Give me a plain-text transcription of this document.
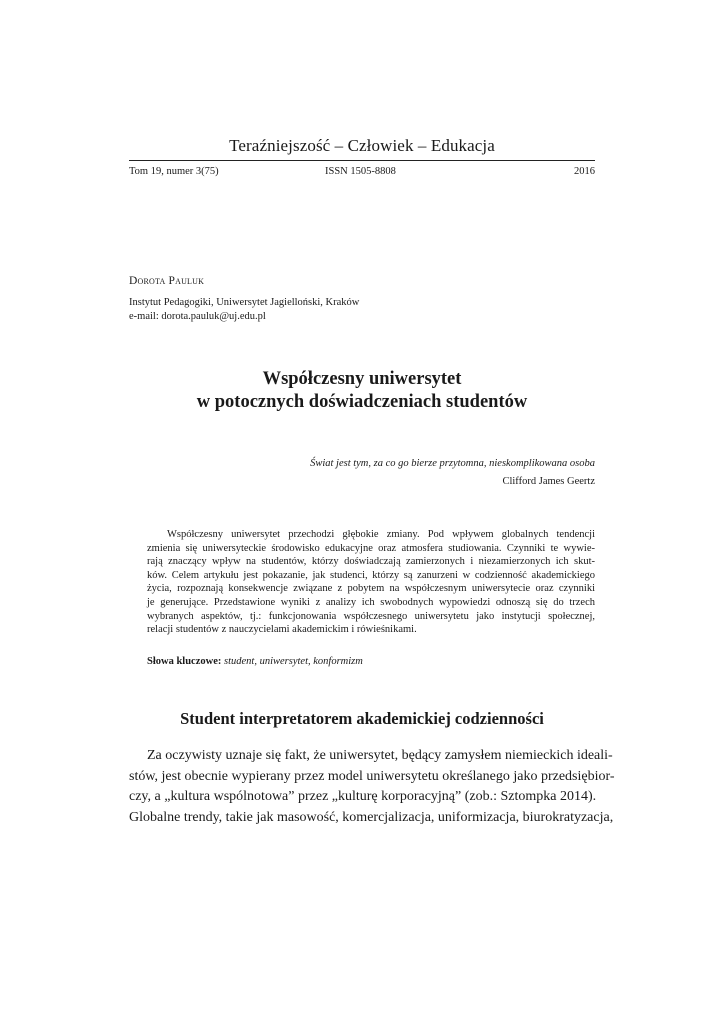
Teraźniejszość – Człowiek – Edukacja
Tom 19, numer 3(75)	ISSN 1505-8808	2016
Dorota Pauluk
Instytut Pedagogiki, Uniwersytet Jagielloński, Kraków
e-mail: dorota.pauluk@uj.edu.pl
Współczesny uniwersytet
w potocznych doświadczeniach studentów
Świat jest tym, za co go bierze przytomna, nieskomplikowana osoba
Clifford James Geertz
Współczesny uniwersytet przechodzi głębokie zmiany. Pod wpływem globalnych tendencji
zmienia się uniwersyteckie środowisko edukacyjne oraz atmosfera studiowania. Czynniki te wywie-
rają znaczący wpływ na studentów, którzy doświadczają zamierzonych i niezamierzonych ich skut-
ków. Celem artykułu jest pokazanie, jak studenci, którzy są zanurzeni w codzienność akademickiego
życia, rozpoznają konsekwencje związane z pobytem na współczesnym uniwersytecie oraz czynniki
je generujące. Przedstawione wyniki z analizy ich swobodnych wypowiedzi odnoszą się do trzech
wybranych aspektów, tj.: funkcjonowania współczesnego uniwersytetu jako instytucji społecznej,
relacji studentów z nauczycielami akademickim i rówieśnikami.
Słowa kluczowe: student, uniwersytet, konformizm
Student interpretatorem akademickiej codzienności
Za oczywisty uznaje się fakt, że uniwersytet, będący zamysłem niemieckich ideali-
stów, jest obecnie wypierany przez model uniwersytetu określanego jako przedsiębior-
czy, a „kultura wspólnotowa” przez „kulturę korporacyjną” (zob.: Sztompka 2014).
Globalne trendy, takie jak masowość, komercjalizacja, uniformizacja, biurokratyzacja,
